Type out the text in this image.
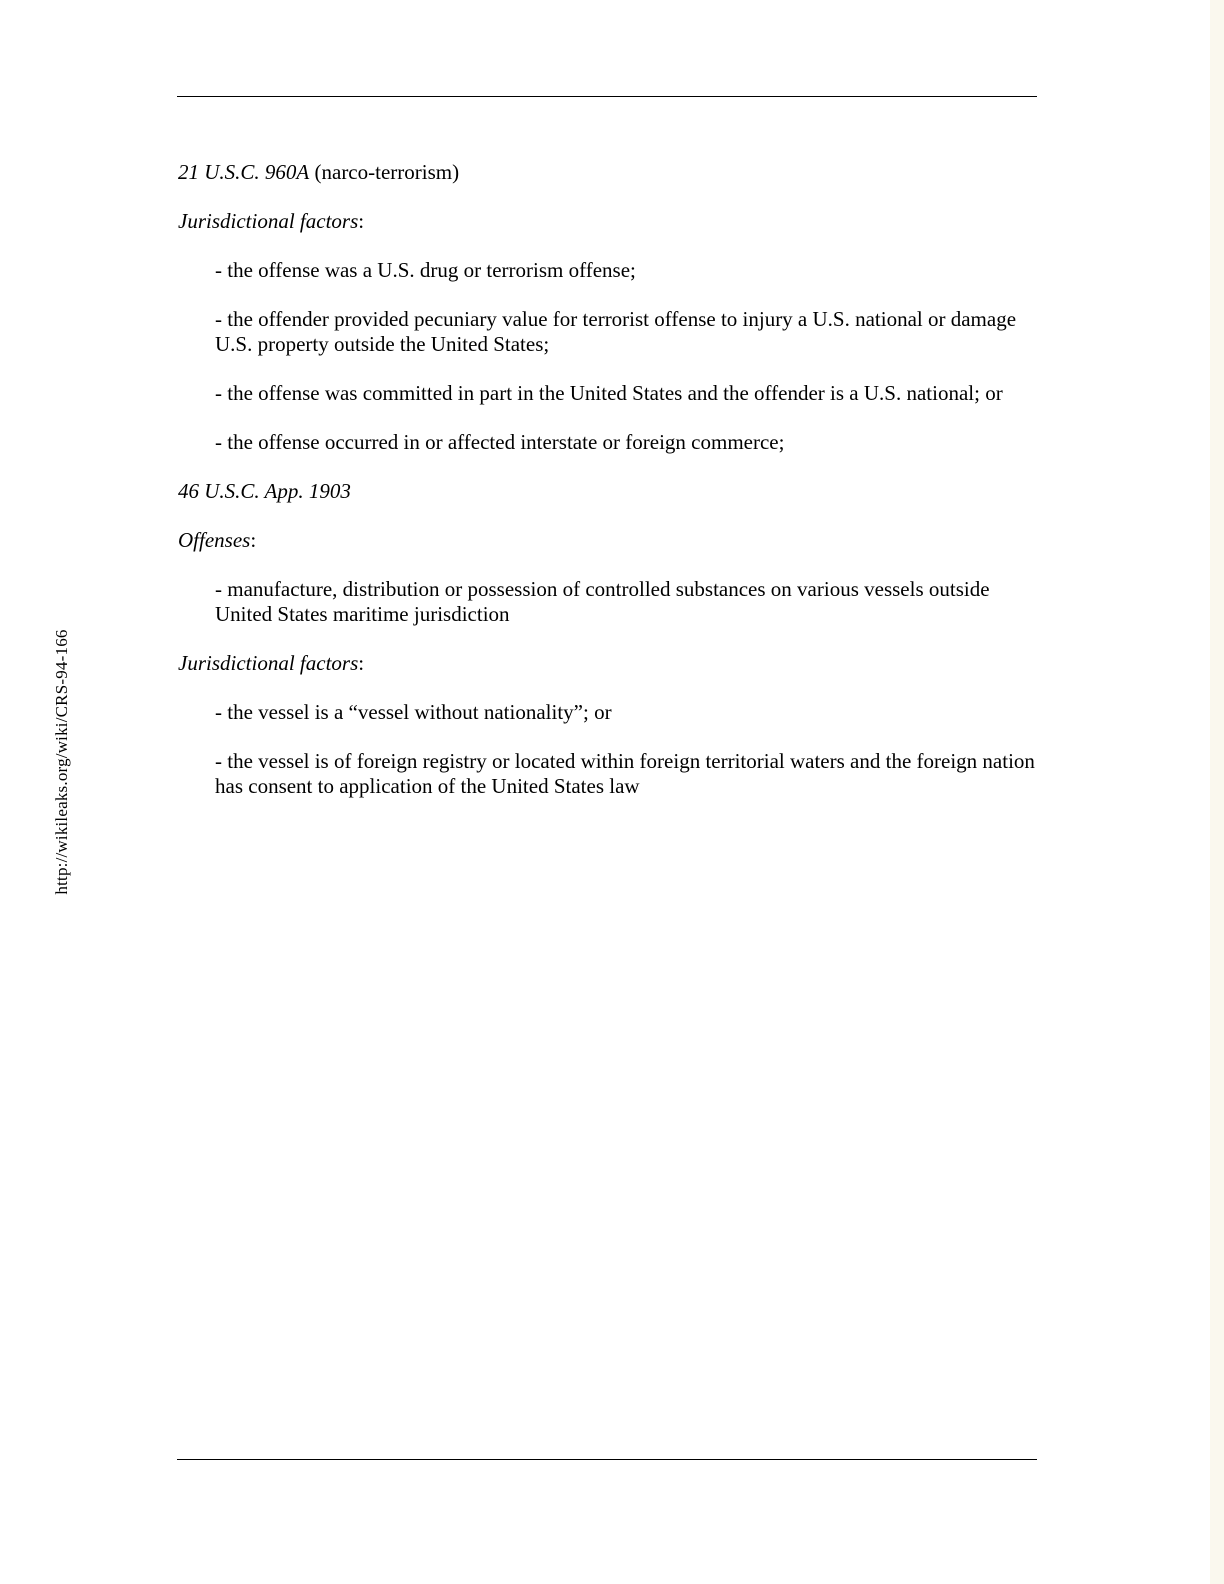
http://wikileaks.org/wiki/CRS-94-166

21 U.S.C. 960A (narco-terrorism)

Jurisdictional factors:

- the offense was a U.S. drug or terrorism offense;

- the offender provided pecuniary value for terrorist offense to injury a U.S. national or damage U.S. property outside the United States;

- the offense was committed in part in the United States and the offender is a U.S. national; or

- the offense occurred in or affected interstate or foreign commerce;

46 U.S.C. App. 1903

Offenses:

- manufacture, distribution or possession of controlled substances on various vessels outside United States maritime jurisdiction

Jurisdictional factors:

- the vessel is a “vessel without nationality”; or

- the vessel is of foreign registry or located within foreign territorial waters and the foreign nation has consent to application of the United States law
